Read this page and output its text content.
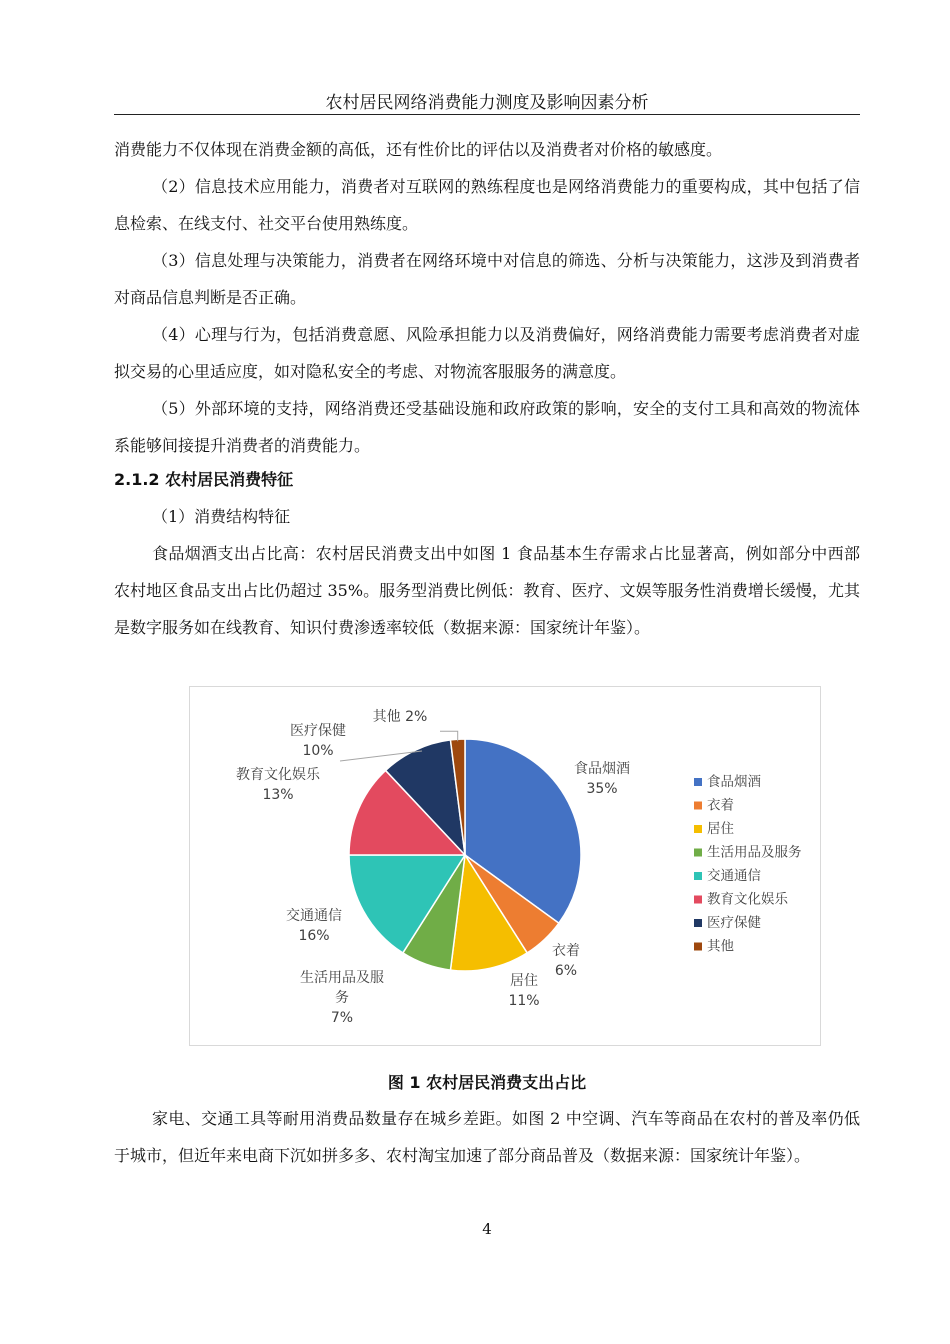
农村居民网络消费能力测度及影响因素分析
消费能力不仅体现在消费金额的高低，还有性价比的评估以及消费者对价格的敏感度。
（2）信息技术应用能力，消费者对互联网的熟练程度也是网络消费能力的重要构成，其中包括了信息检索、在线支付、社交平台使用熟练度。
（3）信息处理与决策能力，消费者在网络环境中对信息的筛选、分析与决策能力，这涉及到消费者对商品信息判断是否正确。
（4）心理与行为，包括消费意愿、风险承担能力以及消费偏好，网络消费能力需要考虑消费者对虚拟交易的心里适应度，如对隐私安全的考虑、对物流客服服务的满意度。
（5）外部环境的支持，网络消费还受基础设施和政府政策的影响，安全的支付工具和高效的物流体系能够间接提升消费者的消费能力。
2.1.2 农村居民消费特征
（1）消费结构特征
食品烟酒支出占比高：农村居民消费支出中如图 1 食品基本生存需求占比显著高，例如部分中西部农村地区食品支出占比仍超过 35%。服务型消费比例低：教育、医疗、文娱等服务性消费增长缓慢，尤其是数字服务如在线教育、知识付费渗透率较低（数据来源：国家统计年鉴）。
食品烟酒 35%
衣着 6%
居住 11%
生活用品及服务 7%
交通通信 16%
教育文化娱乐 13%
医疗保健 10%
其他 2%
食品烟酒
衣着
居住
生活用品及服务
交通通信
教育文化娱乐
医疗保健
其他
图 1 农村居民消费支出占比
家电、交通工具等耐用消费品数量存在城乡差距。如图 2 中空调、汽车等商品在农村的普及率仍低于城市，但近年来电商下沉如拼多多、农村淘宝加速了部分商品普及（数据来源：国家统计年鉴）。
4
